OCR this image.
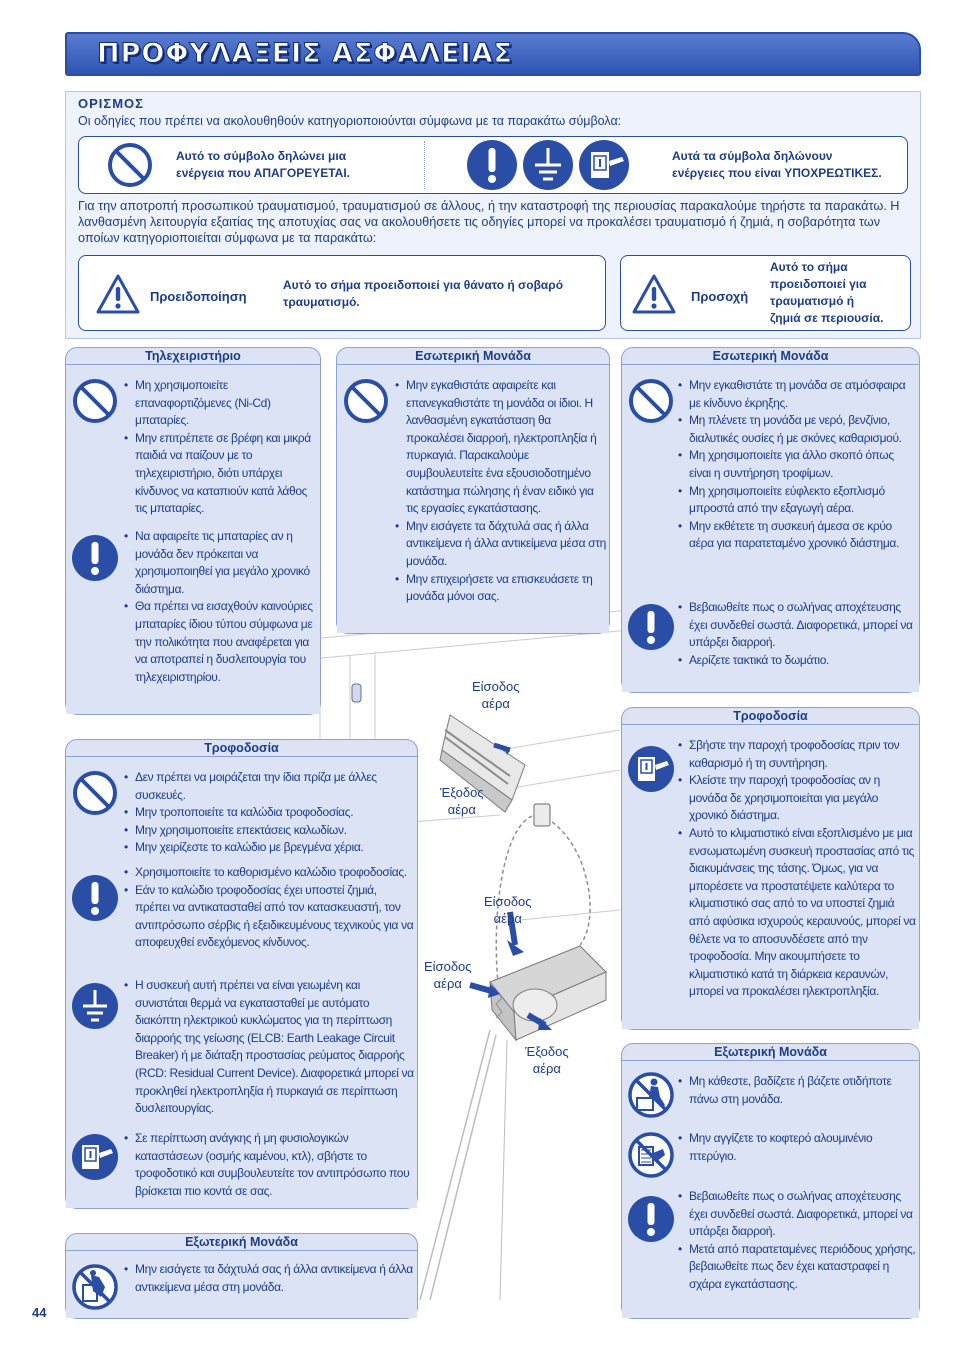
ΠΡΟΦΥΛΑΞΕΙΣ ΑΣΦΑΛΕΙΑΣ
ΟΡΙΣΜΟΣ
Οι οδηγίες που πρέπει να ακολουθηθούν κατηγοριοποιούνται σύμφωνα με τα παρακάτω σύμβολα:
Αυτό το σύμβολο δηλώνει μια
ενέργεια που ΑΠΑΓΟΡΕΥΕΤΑΙ.
Αυτά τα σύμβολα δηλώνουν
ενέργειες που είναι ΥΠΟΧΡΕΩΤΙΚΕΣ.
Για την αποτροπή προσωπικού τραυματισμού, τραυματισμού σε άλλους, ή την καταστροφή της περιουσίας παρακαλούμε τηρήστε τα παρακάτω. Η λανθασμένη λειτουργία εξαιτίας της αποτυχίας σας να ακολουθήσετε τις οδηγίες μπορεί να προκαλέσει τραυματισμό ή ζημιά, η σοβαρότητα των οποίων κατηγοριοποιείται σύμφωνα με τα παρακάτω:
Προειδοποίηση
Αυτό το σήμα προειδοποιεί για θάνατο ή σοβαρό
τραυματισμό.	Προσοχή
Αυτό το σήμα
προειδοποιεί για
τραυματισμό ή
ζημιά σε περιουσία.
Είσοδος
αέρα
Έξοδος
αέρα
Είσοδος
αέρα
Είσοδος
αέρα
Έξοδος
αέρα
Τηλεχειριστήριο
• Μη χρησιμοποιείτε επαναφορτιζόμενες (Ni-Cd) μπαταρίες.
• Μην επιτρέπετε σε βρέφη και μικρά παιδιά να παίζουν με το τηλεχειριστήριο, διότι υπάρχει κίνδυνος να καταπιούν κατά λάθος τις μπαταρίες.
• Να αφαιρείτε τις μπαταρίες αν η μονάδα δεν πρόκειται να χρησιμοποιηθεί για μεγάλο χρονικό διάστημα.
• Θα πρέπει να εισαχθούν καινούριες μπαταρίες ίδιου τύπου σύμφωνα με την πολικότητα που αναφέρεται για να αποτραπεί η δυσλειτουργία του τηλεχειριστηρίου.
Εσωτερική Μονάδα
• Μην εγκαθιστάτε αφαιρείτε και επανεγκαθιστάτε τη μονάδα οι ίδιοι. Η λανθασμένη εγκατάσταση θα προκαλέσει διαρροή, ηλεκτροπληξία ή πυρκαγιά. Παρακαλούμε συμβουλευτείτε ένα εξουσιοδοτημένο κατάστημα πώλησης ή έναν ειδικό για τις εργασίες εγκατάστασης.
• Μην εισάγετε τα δάχτυλά σας ή άλλα αντικείμενα ή άλλα αντικείμενα μέσα στη μονάδα.
• Μην επιχειρήσετε να επισκευάσετε τη μονάδα μόνοι σας.
Εσωτερική Μονάδα
• Μην εγκαθιστάτε τη μονάδα σε ατμόσφαιρα με κίνδυνο έκρηξης.
• Μη πλένετε τη μονάδα με νερό, βενζίνιο, διαλυτικές ουσίες ή με σκόνες καθαρισμού.
• Μη χρησιμοποιείτε για άλλο σκοπό όπως είναι η συντήρηση τροφίμων.
• Μη χρησιμοποιείτε εύφλεκτο εξοπλισμό μπροστά από την εξαγωγή αέρα.
• Μην εκθέτετε τη συσκευή άμεσα σε κρύο αέρα για παρατεταμένο χρονικό διάστημα.
• Βεβαιωθείτε πως ο σωλήνας αποχέτευσης έχει συνδεθεί σωστά. Διαφορετικά, μπορεί να υπάρξει διαρροή.
• Αερίζετε τακτικά το δωμάτιο.
Τροφοδοσία
• Δεν πρέπει να μοιράζεται την ίδια πρίζα με άλλες συσκευές.
• Μην τροποποιείτε τα καλώδια τροφοδοσίας.
• Μην χρησιμοποιείτε επεκτάσεις καλωδίων.
• Μην χειρίζεστε το καλώδιο με βρεγμένα χέρια.
• Χρησιμοποιείτε το καθορισμένο καλώδιο τροφοδοσίας.
• Εάν το καλώδιο τροφοδοσίας έχει υποστεί ζημιά, πρέπει να αντικατασταθεί από τον κατασκευαστή, τον αντιπρόσωπο σέρβις ή εξειδικευμένους τεχνικούς για να αποφευχθεί ενδεχόμενος κίνδυνος.
• Η συσκευή αυτή πρέπει να είναι γειωμένη και συνιστάται θερμά να εγκατασταθεί με αυτόματο διακόπτη ηλεκτρικού κυκλώματος για τη περίπτωση διαρροής της γείωσης (ELCB: Earth Leakage Circuit Breaker) ή με διάταξη προστασίας ρεύματος διαρροής (RCD: Residual Current Device). Διαφορετικά μπορεί να προκληθεί ηλεκτροπληξία ή πυρκαγιά σε περίπτωση δυσλειτουργίας.
• Σε περίπτωση ανάγκης ή μη φυσιολογικών καταστάσεων (οσμής καμένου, κτλ), σβήστε το τροφοδοτικό και συμβουλευτείτε τον αντιπρόσωπο που βρίσκεται πιο κοντά σε σας.
Εξωτερική Μονάδα
• Μην εισάγετε τα δάχτυλά σας ή άλλα αντικείμενα ή άλλα αντικείμενα μέσα στη μονάδα.
Τροφοδοσία
• Σβήστε την παροχή τροφοδοσίας πριν τον καθαρισμό ή τη συντήρηση.
• Κλείστε την παροχή τροφοδοσίας αν η μονάδα δε χρησιμοποιείται για μεγάλο χρονικό διάστημα.
• Αυτό το κλιματιστικό είναι εξοπλισμένο με μια ενσωματωμένη συσκευή προστασίας από τις διακυμάνσεις της τάσης. Όμως, για να μπορέσετε να προστατέψετε καλύτερα το κλιματιστικό σας από το να υποστεί ζημιά από αφύσικα ισχυρούς κεραυνούς, μπορεί να θέλετε να το αποσυνδέσετε από την τροφοδοσία. Μην ακουμπήσετε το κλιματιστικό κατά τη διάρκεια κεραυνών, μπορεί να προκαλέσει ηλεκτροπληξία.
Εξωτερική Μονάδα
• Μη κάθεστε, βαδίζετε ή βάζετε οτιδήποτε πάνω στη μονάδα.
• Μην αγγίζετε το κοφτερό αλουμινένιο πτερύγιο.
• Βεβαιωθείτε πως ο σωλήνας αποχέτευσης έχει συνδεθεί σωστά. Διαφορετικά, μπορεί να υπάρξει διαρροή.
• Μετά από παρατεταμένες περιόδους χρήσης, βεβαιωθείτε πως δεν έχει καταστραφεί η σχάρα εγκατάστασης.
44
